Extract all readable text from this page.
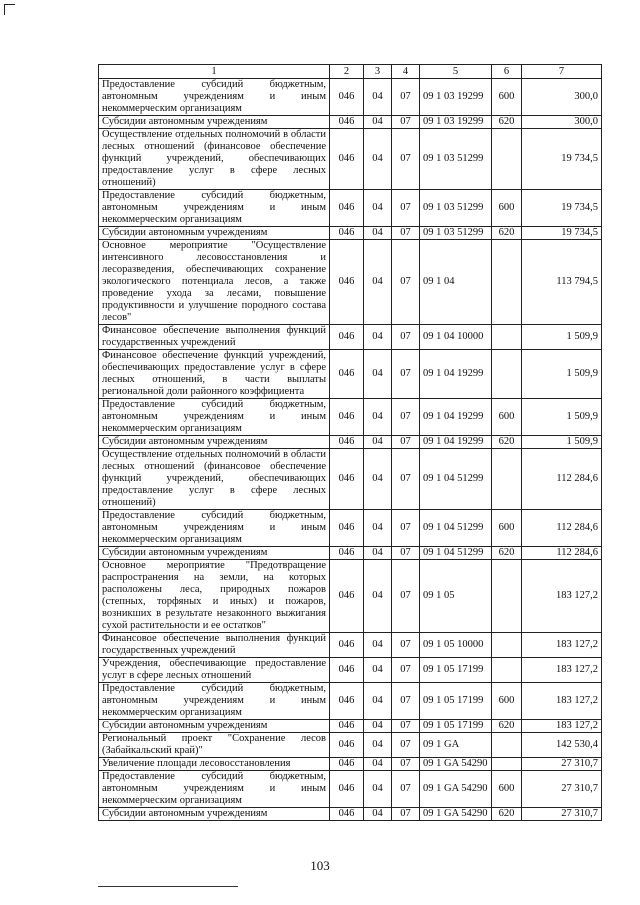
1	2	3	4	5	6	7
Предоставление субсидий бюджетным, автономным учреждениям и иным некоммерческим организациям	046	04	07	09 1 03 19299	600	300,0
Субсидии автономным учреждениям	046	04	07	09 1 03 19299	620	300,0
Осуществление отдельных полномочий в области лесных отношений (финансовое обеспечение функций учреждений, обеспечивающих предоставление услуг в сфере лесных отношений)	046	04	07	09 1 03 51299		19 734,5
Предоставление субсидий бюджетным, автономным учреждениям и иным некоммерческим организациям	046	04	07	09 1 03 51299	600	19 734,5
Субсидии автономным учреждениям	046	04	07	09 1 03 51299	620	19 734,5
Основное мероприятие "Осуществление интенсивного лесовосстановления и лесоразведения, обеспечивающих сохранение экологического потенциала лесов, а также проведение ухода за лесами, повышение продуктивности и улучшение породного состава лесов"	046	04	07	09 1 04		113 794,5
Финансовое обеспечение выполнения функций государственных учреждений	046	04	07	09 1 04 10000		1 509,9
Финансовое обеспечение функций учреждений, обеспечивающих предоставление услуг в сфере лесных отношений, в части выплаты региональной доли районного коэффициента	046	04	07	09 1 04 19299		1 509,9
Предоставление субсидий бюджетным, автономным учреждениям и иным некоммерческим организациям	046	04	07	09 1 04 19299	600	1 509,9
Субсидии автономным учреждениям	046	04	07	09 1 04 19299	620	1 509,9
Осуществление отдельных полномочий в области лесных отношений (финансовое обеспечение функций учреждений, обеспечивающих предоставление услуг в сфере лесных отношений)	046	04	07	09 1 04 51299		112 284,6
Предоставление субсидий бюджетным, автономным учреждениям и иным некоммерческим организациям	046	04	07	09 1 04 51299	600	112 284,6
Субсидии автономным учреждениям	046	04	07	09 1 04 51299	620	112 284,6
Основное мероприятие "Предотвращение распространения на земли, на которых расположены леса, природных пожаров (степных, торфяных и иных) и пожаров, возникших в результате незаконного выжигания сухой растительности и ее остатков"	046	04	07	09 1 05		183 127,2
Финансовое обеспечение выполнения функций государственных учреждений	046	04	07	09 1 05 10000		183 127,2
Учреждения, обеспечивающие предоставление услуг в сфере лесных отношений	046	04	07	09 1 05 17199		183 127,2
Предоставление субсидий бюджетным, автономным учреждениям и иным некоммерческим организациям	046	04	07	09 1 05 17199	600	183 127,2
Субсидии автономным учреждениям	046	04	07	09 1 05 17199	620	183 127,2
Региональный проект "Сохранение лесов (Забайкальский край)"	046	04	07	09 1 GA		142 530,4
Увеличение площади лесовосстановления	046	04	07	09 1 GA 54290		27 310,7
Предоставление субсидий бюджетным, автономным учреждениям и иным некоммерческим организациям	046	04	07	09 1 GA 54290	600	27 310,7
Субсидии автономным учреждениям	046	04	07	09 1 GA 54290	620	27 310,7
103
